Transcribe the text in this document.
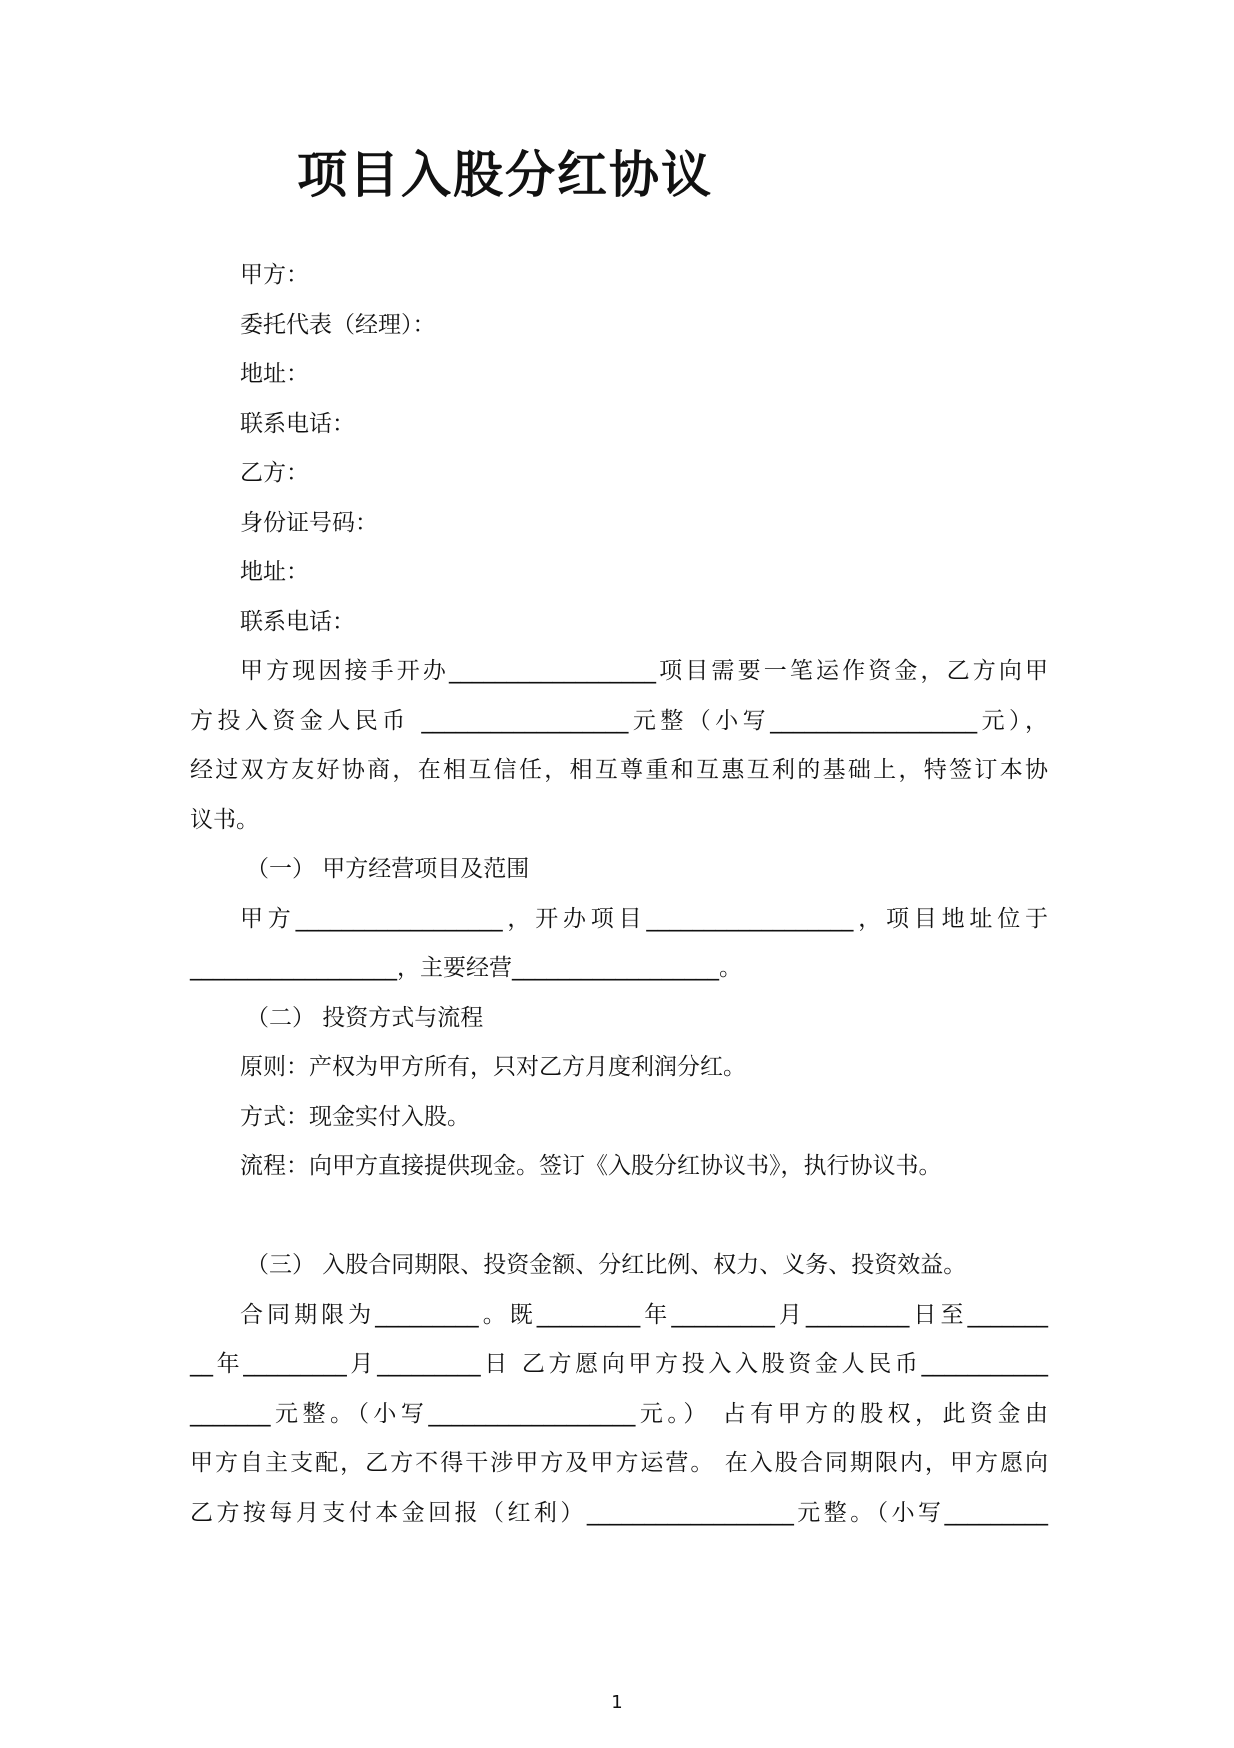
项目入股分红协议
甲方：
委托代表（经理）：
地址：
联系电话：
乙方：
身份证号码：
地址：
联系电话：
甲方现因接手开办__________________项目需要一笔运作资金，乙方向甲
方投入资金人民币 __________________元整（小写__________________元），
经过双方友好协商，在相互信任，相互尊重和互惠互利的基础上，特签订本协
议书。
（一） 甲方经营项目及范围
甲方__________________，开办项目__________________，项目地址位于
__________________，主要经营__________________。
（二） 投资方式与流程
原则：产权为甲方所有，只对乙方月度利润分红。
方式：现金实付入股。
流程：向甲方直接提供现金。签订《入股分红协议书》，执行协议书。
（三） 入股合同期限、投资金额、分红比例、权力、义务、投资效益。
合同期限为_________。既_________年_________月_________日至_______
__年_________月_________日 乙方愿向甲方投入入股资金人民币___________
_______元整。（小写__________________元。） 占有甲方的股权，此资金由
甲方自主支配，乙方不得干涉甲方及甲方运营。 在入股合同期限内，甲方愿向
乙方按每月支付本金回报（红利）__________________元整。（小写_________
1
